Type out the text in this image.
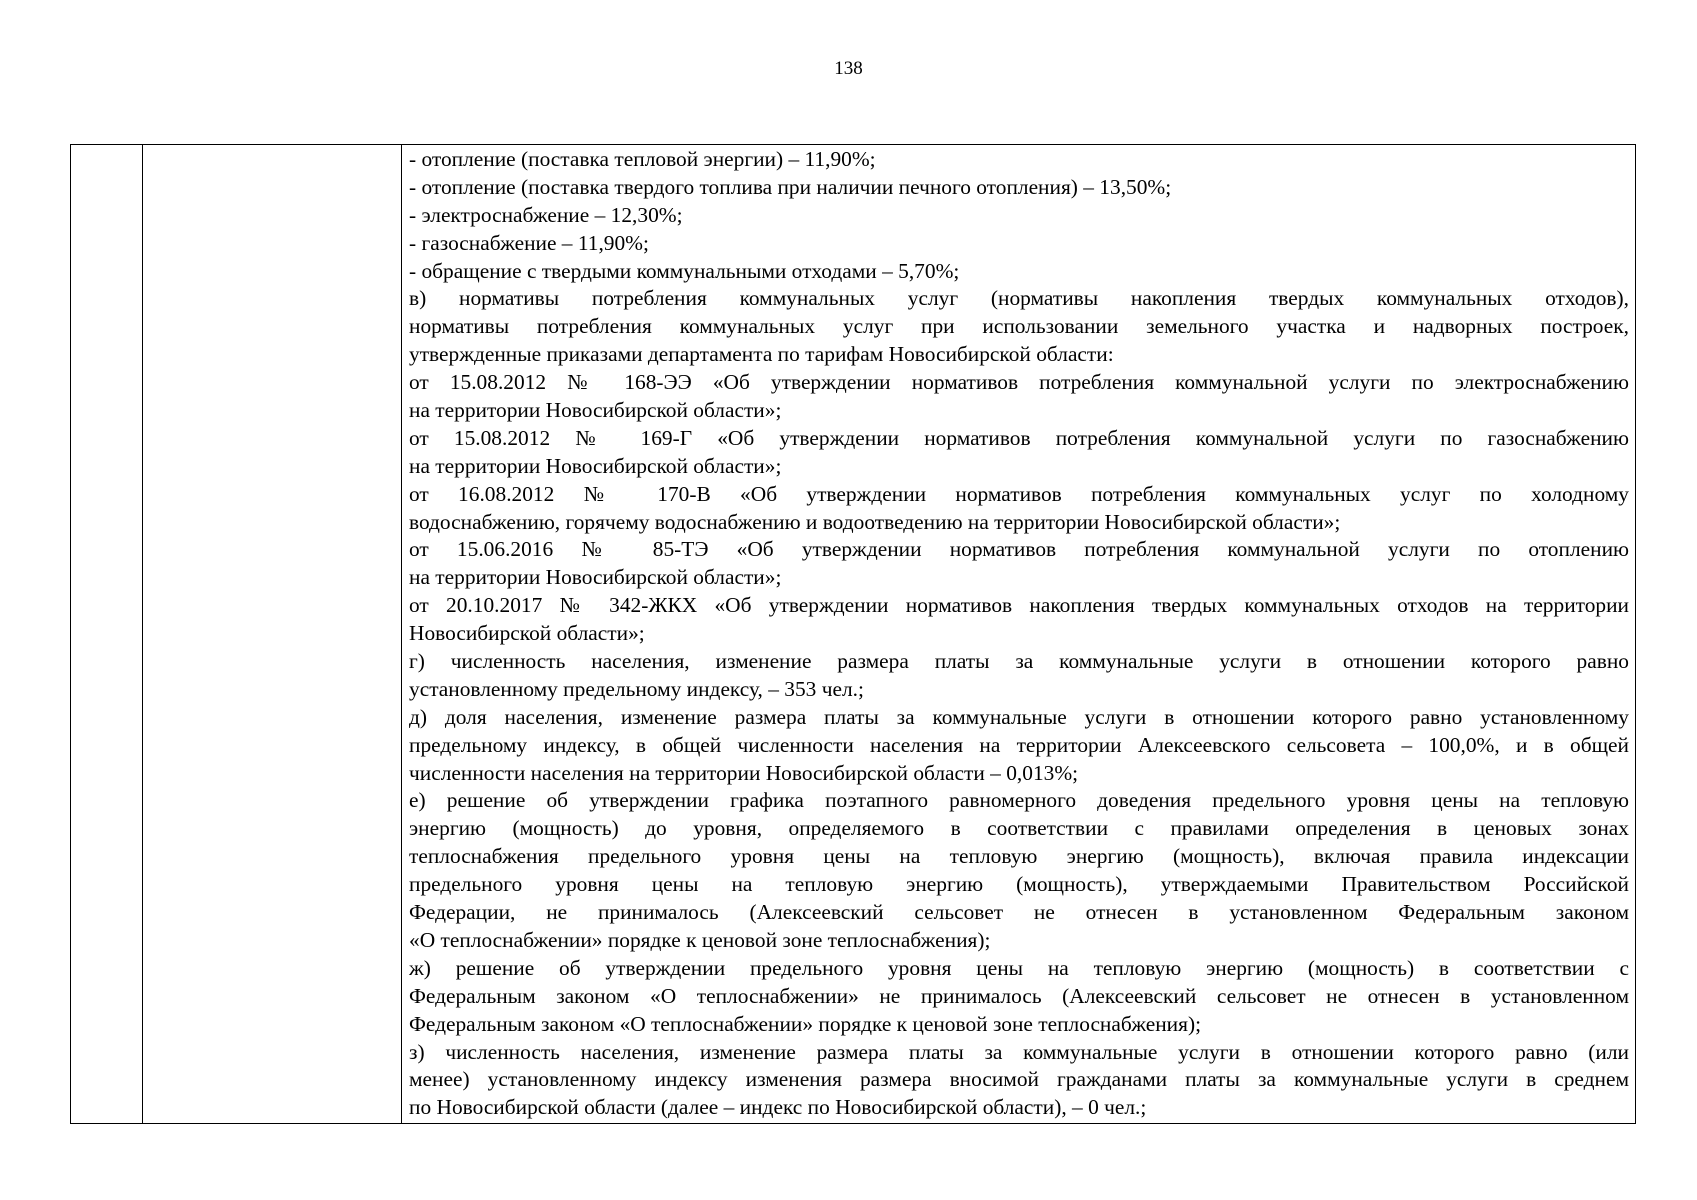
138
- отопление (поставка тепловой энергии) – 11,90%;
- отопление (поставка твердого топлива при наличии печного отопления) – 13,50%;
- электроснабжение – 12,30%;
- газоснабжение – 11,90%;
- обращение с твердыми коммунальными отходами – 5,70%;
в) нормативы потребления коммунальных услуг (нормативы накопления твердых коммунальных отходов),
нормативы потребления коммунальных услуг при использовании земельного участка и надворных построек,
утвержденные приказами департамента по тарифам Новосибирской области:
от 15.08.2012 № 168-ЭЭ «Об утверждении нормативов потребления коммунальной услуги по электроснабжению
на территории Новосибирской области»;
от 15.08.2012 № 169-Г «Об утверждении нормативов потребления коммунальной услуги по газоснабжению
на территории Новосибирской области»;
от 16.08.2012 № 170-В «Об утверждении нормативов потребления коммунальных услуг по холодному
водоснабжению, горячему водоснабжению и водоотведению на территории Новосибирской области»;
от 15.06.2016 № 85-ТЭ «Об утверждении нормативов потребления коммунальной услуги по отоплению
на территории Новосибирской области»;
от 20.10.2017 № 342-ЖКХ «Об утверждении нормативов накопления твердых коммунальных отходов на территории
Новосибирской области»;
г) численность населения, изменение размера платы за коммунальные услуги в отношении которого равно
установленному предельному индексу, – 353 чел.;
д) доля населения, изменение размера платы за коммунальные услуги в отношении которого равно установленному
предельному индексу, в общей численности населения на территории Алексеевского сельсовета – 100,0%, и в общей
численности населения на территории Новосибирской области – 0,013%;
е) решение об утверждении графика поэтапного равномерного доведения предельного уровня цены на тепловую
энергию (мощность) до уровня, определяемого в соответствии с правилами определения в ценовых зонах
теплоснабжения предельного уровня цены на тепловую энергию (мощность), включая правила индексации
предельного уровня цены на тепловую энергию (мощность), утверждаемыми Правительством Российской
Федерации, не принималось (Алексеевский сельсовет не отнесен в установленном Федеральным законом
«О теплоснабжении» порядке к ценовой зоне теплоснабжения);
ж) решение об утверждении предельного уровня цены на тепловую энергию (мощность) в соответствии с
Федеральным законом «О теплоснабжении» не принималось (Алексеевский сельсовет не отнесен в установленном
Федеральным законом «О теплоснабжении» порядке к ценовой зоне теплоснабжения);
з) численность населения, изменение размера платы за коммунальные услуги в отношении которого равно (или
менее) установленному индексу изменения размера вносимой гражданами платы за коммунальные услуги в среднем
по Новосибирской области (далее – индекс по Новосибирской области), – 0 чел.;
